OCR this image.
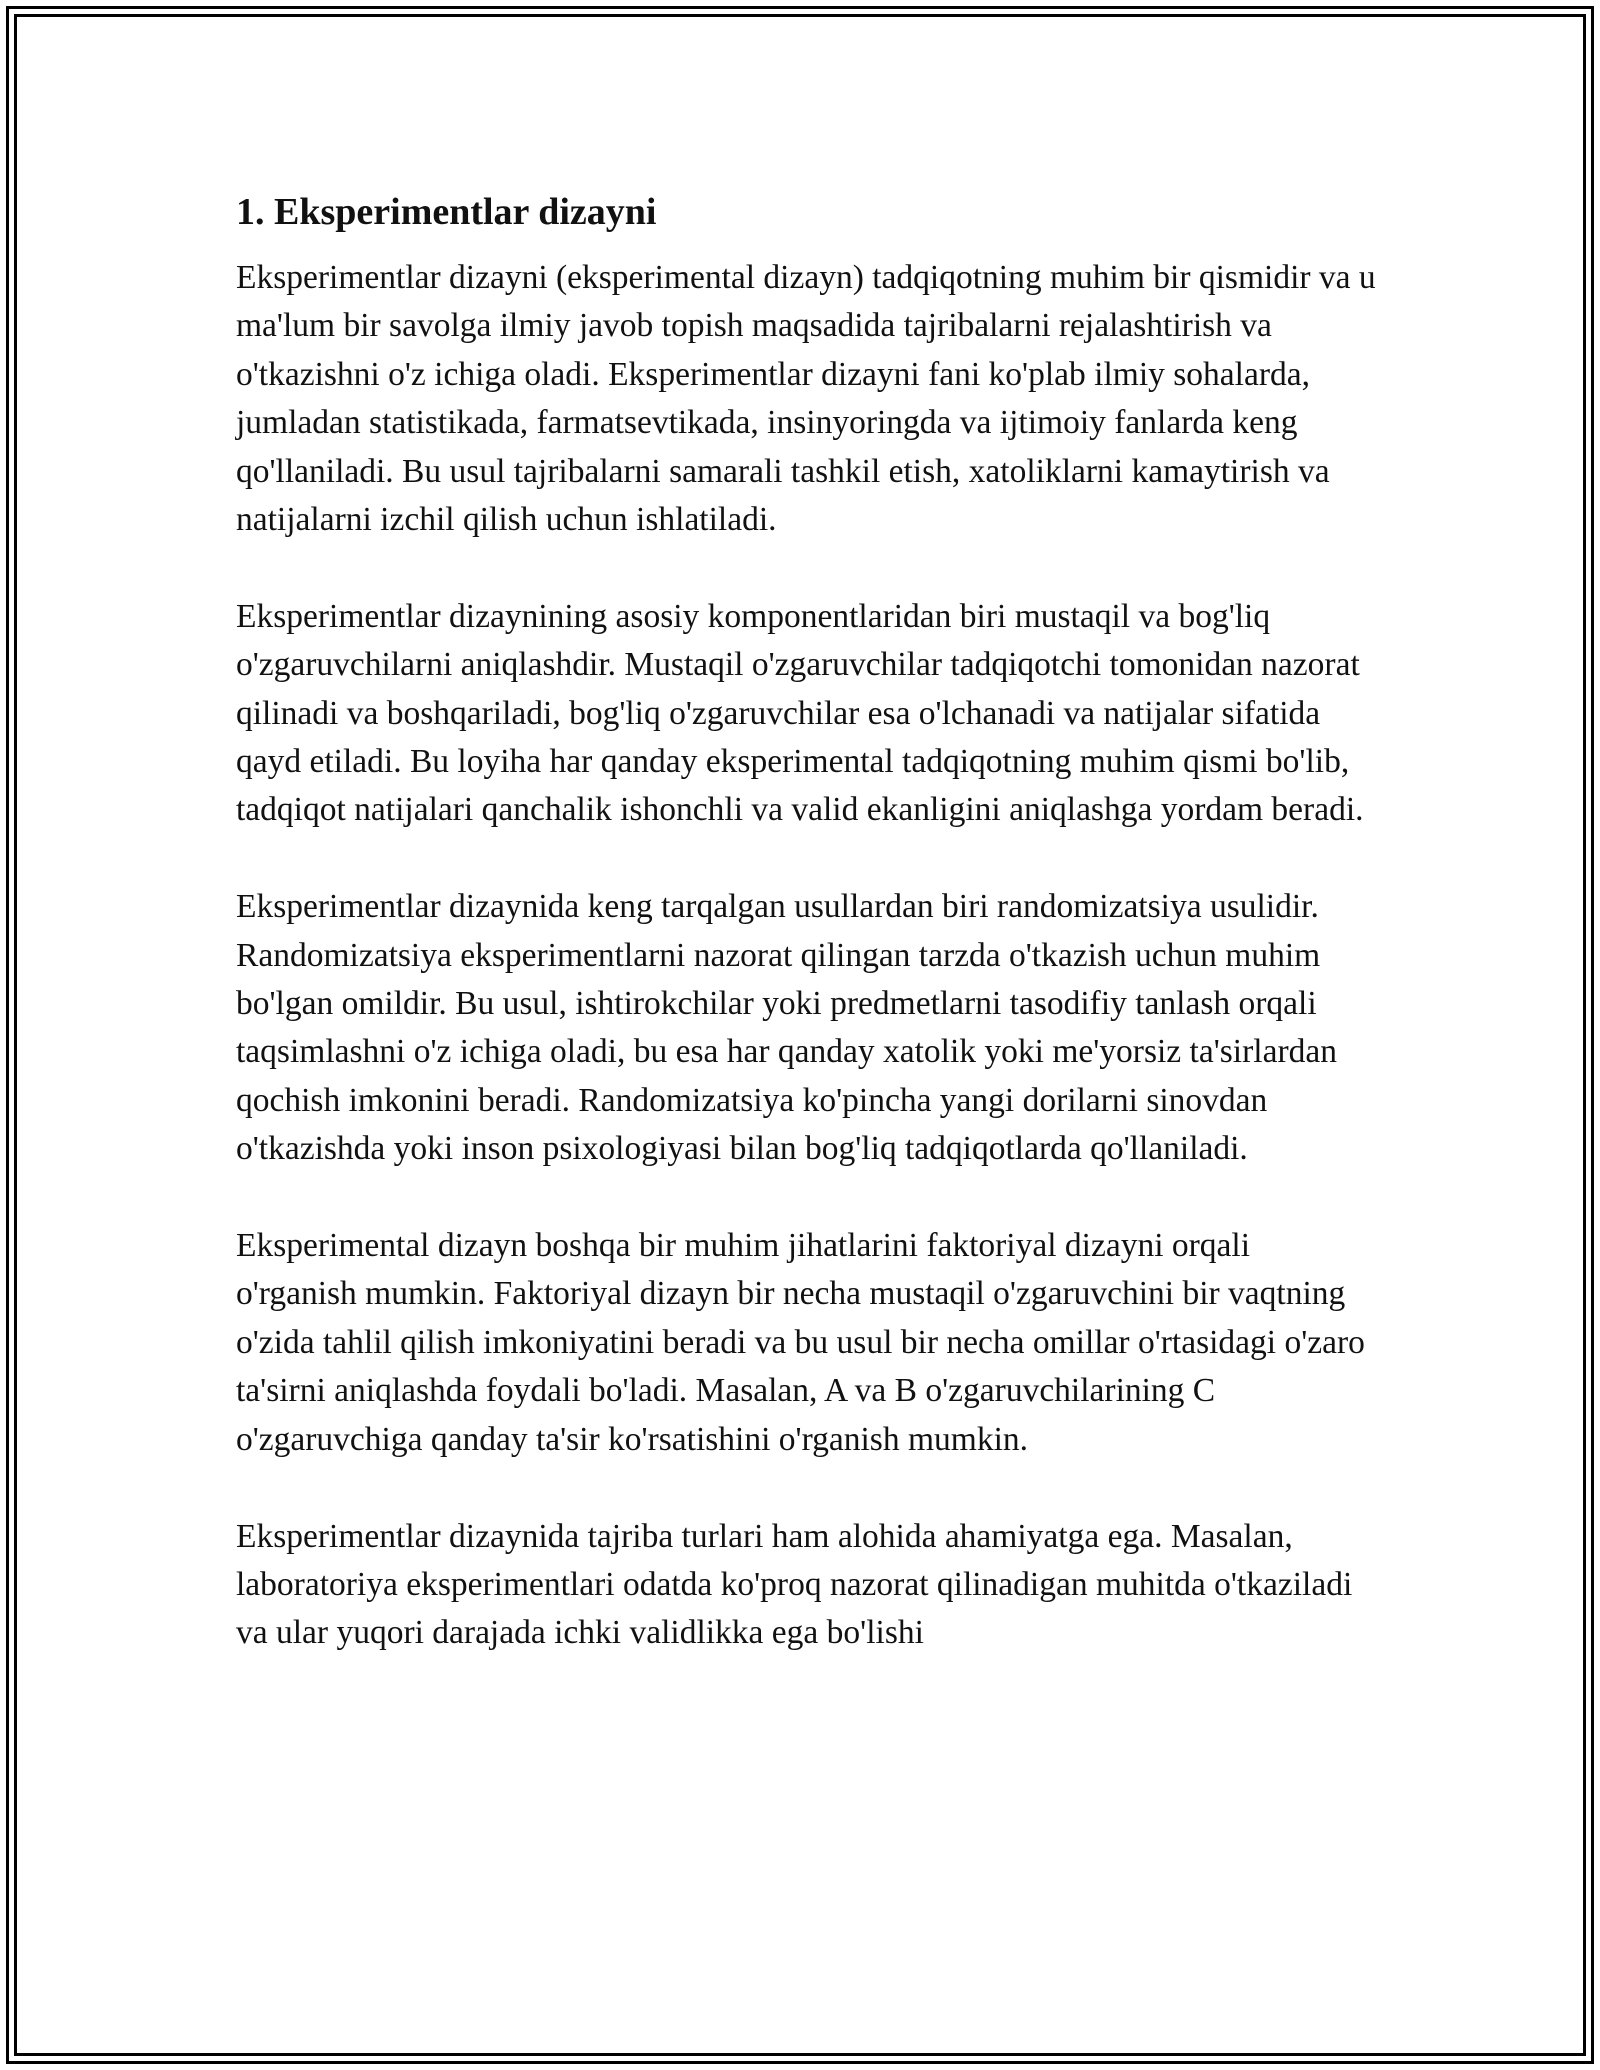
1. Eksperimentlar dizayni

Eksperimentlar dizayni (eksperimental dizayn) tadqiqotning muhim bir qismidir va u ma'lum bir savolga ilmiy javob topish maqsadida tajribalarni rejalashtirish va o'tkazishni o'z ichiga oladi. Eksperimentlar dizayni fani ko'plab ilmiy sohalarda, jumladan statistikada, farmatsevtikada, insinyoringda va ijtimoiy fanlarda keng qo'llaniladi. Bu usul tajribalarni samarali tashkil etish, xatoliklarni kamaytirish va natijalarni izchil qilish uchun ishlatiladi.

Eksperimentlar dizaynining asosiy komponentlaridan biri mustaqil va bog'liq o'zgaruvchilarni aniqlashdir. Mustaqil o'zgaruvchilar tadqiqotchi tomonidan nazorat qilinadi va boshqariladi, bog'liq o'zgaruvchilar esa o'lchanadi va natijalar sifatida qayd etiladi. Bu loyiha har qanday eksperimental tadqiqotning muhim qismi bo'lib, tadqiqot natijalari qanchalik ishonchli va valid ekanligini aniqlashga yordam beradi.

Eksperimentlar dizaynida keng tarqalgan usullardan biri randomizatsiya usulidir. Randomizatsiya eksperimentlarni nazorat qilingan tarzda o'tkazish uchun muhim bo'lgan omildir. Bu usul, ishtirokchilar yoki predmetlarni tasodifiy tanlash orqali taqsimlashni o'z ichiga oladi, bu esa har qanday xatolik yoki me'yorsiz ta'sirlardan qochish imkonini beradi. Randomizatsiya ko'pincha yangi dorilarni sinovdan o'tkazishda yoki inson psixologiyasi bilan bog'liq tadqiqotlarda qo'llaniladi.

Eksperimental dizayn boshqa bir muhim jihatlarini faktoriyal dizayni orqali o'rganish mumkin. Faktoriyal dizayn bir necha mustaqil o'zgaruvchini bir vaqtning o'zida tahlil qilish imkoniyatini beradi va bu usul bir necha omillar o'rtasidagi o'zaro ta'sirni aniqlashda foydali bo'ladi. Masalan, A va B o'zgaruvchilarining C o'zgaruvchiga qanday ta'sir ko'rsatishini o'rganish mumkin.

Eksperimentlar dizaynida tajriba turlari ham alohida ahamiyatga ega. Masalan, laboratoriya eksperimentlari odatda ko'proq nazorat qilinadigan muhitda o'tkaziladi va ular yuqori darajada ichki validlikka ega bo'lishi
